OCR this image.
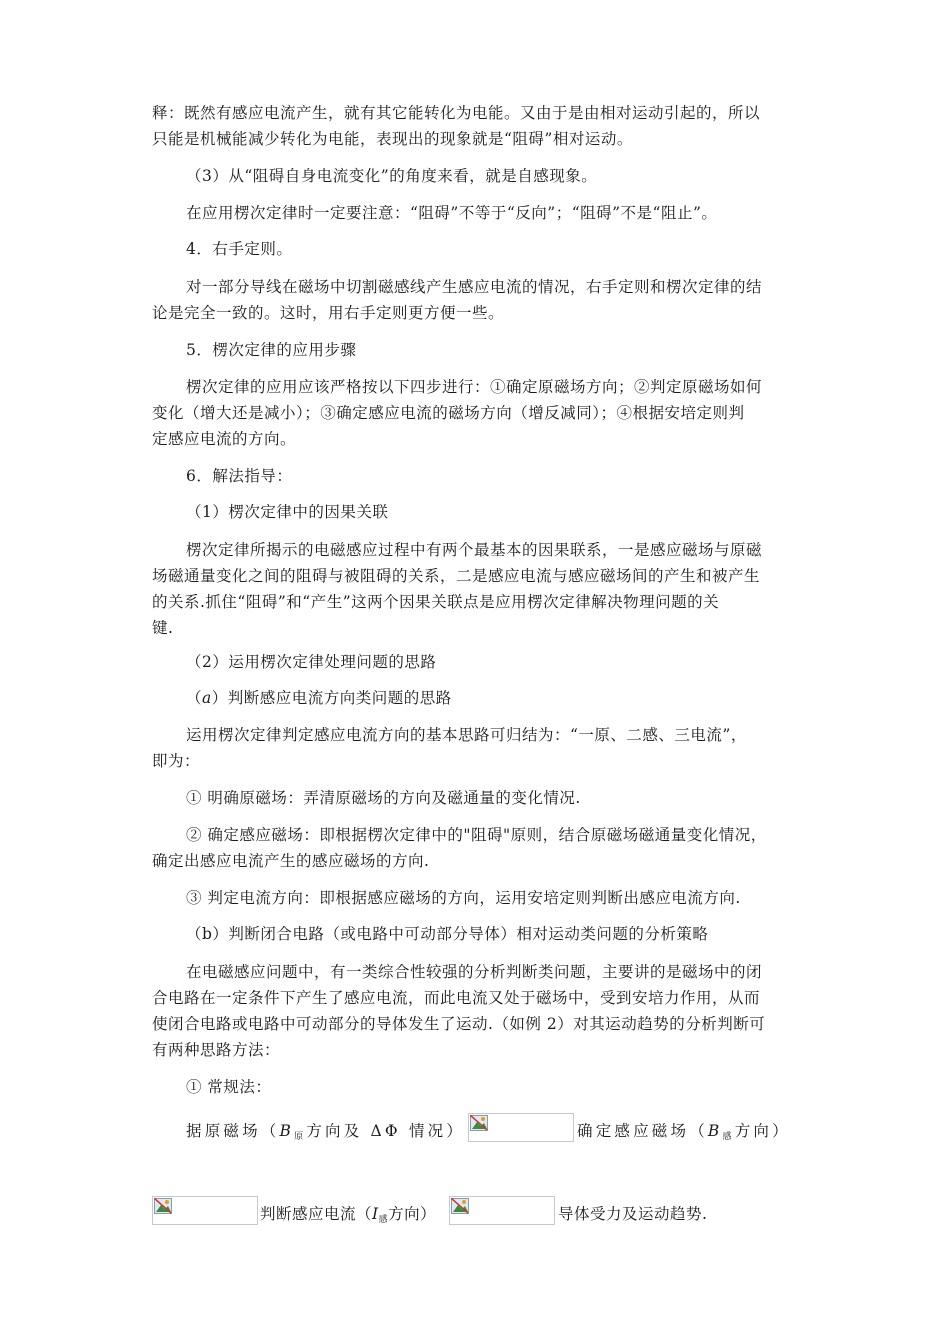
释：既然有感应电流产生，就有其它能转化为电能。又由于是由相对运动引起的，所以
只能是机械能减少转化为电能，表现出的现象就是“阻碍”相对运动。
（3）从“阻碍自身电流变化”的角度来看，就是自感现象。
在应用楞次定律时一定要注意：“阻碍”不等于“反向”；“阻碍”不是“阻止”。
4．右手定则。
对一部分导线在磁场中切割磁感线产生感应电流的情况，右手定则和楞次定律的结
论是完全一致的。这时，用右手定则更方便一些。
5．楞次定律的应用步骤
楞次定律的应用应该严格按以下四步进行：①确定原磁场方向；②判定原磁场如何
变化（增大还是减小）；③确定感应电流的磁场方向（增反减同）；④根据安培定则判
定感应电流的方向。
6．解法指导：
（1）楞次定律中的因果关联
楞次定律所揭示的电磁感应过程中有两个最基本的因果联系，一是感应磁场与原磁
场磁通量变化之间的阻碍与被阻碍的关系，二是感应电流与感应磁场间的产生和被产生
的关系.抓住“阻碍”和“产生”这两个因果关联点是应用楞次定律解决物理问题的关
键.
（2）运用楞次定律处理问题的思路
（a）判断感应电流方向类问题的思路
运用楞次定律判定感应电流方向的基本思路可归结为：“一原、二感、三电流”，
即为：
① 明确原磁场：弄清原磁场的方向及磁通量的变化情况.
② 确定感应磁场：即根据楞次定律中的"阻碍"原则，结合原磁场磁通量变化情况，
确定出感应电流产生的感应磁场的方向.
③ 判定电流方向：即根据感应磁场的方向，运用安培定则判断出感应电流方向.
（b）判断闭合电路（或电路中可动部分导体）相对运动类问题的分析策略
在电磁感应问题中，有一类综合性较强的分析判断类问题，主要讲的是磁场中的闭
合电路在一定条件下产生了感应电流，而此电流又处于磁场中，受到安培力作用，从而
使闭合电路或电路中可动部分的导体发生了运动.（如例 2）对其运动趋势的分析判断可
有两种思路方法：
① 常规法：
据原磁场（B原方向及 ΔΦ 情况）	确定感应磁场（B感方向）
判断感应电流（I感方向）	导体受力及运动趋势.
